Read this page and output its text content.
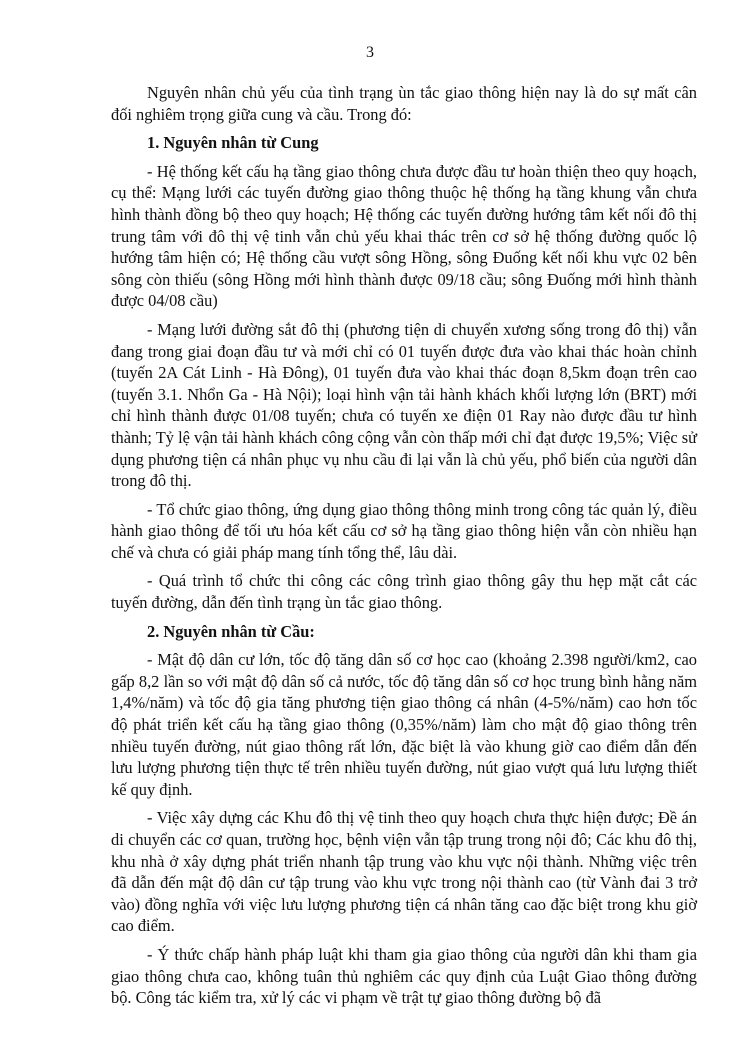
3

Nguyên nhân chủ yếu của tình trạng ùn tắc giao thông hiện nay là do sự mất cân đối nghiêm trọng giữa cung và cầu. Trong đó:

1. Nguyên nhân từ Cung

- Hệ thống kết cấu hạ tầng giao thông chưa được đầu tư hoàn thiện theo quy hoạch, cụ thể: Mạng lưới các tuyến đường giao thông thuộc hệ thống hạ tầng khung vẫn chưa hình thành đồng bộ theo quy hoạch; Hệ thống các tuyến đường hướng tâm kết nối đô thị trung tâm với đô thị vệ tinh vẫn chủ yếu khai thác trên cơ sở hệ thống đường quốc lộ hướng tâm hiện có; Hệ thống cầu vượt sông Hồng, sông Đuống kết nối khu vực 02 bên sông còn thiếu (sông Hồng mới hình thành được 09/18 cầu; sông Đuống mới hình thành được 04/08 cầu)

- Mạng lưới đường sắt đô thị (phương tiện di chuyển xương sống trong đô thị) vẫn đang trong giai đoạn đầu tư và mới chỉ có 01 tuyến được đưa vào khai thác hoàn chỉnh (tuyến 2A Cát Linh - Hà Đông), 01 tuyến đưa vào khai thác đoạn 8,5km đoạn trên cao (tuyến 3.1. Nhổn Ga - Hà Nội); loại hình vận tải hành khách khối lượng lớn (BRT) mới chỉ hình thành được 01/08 tuyến; chưa có tuyến xe điện 01 Ray nào được đầu tư hình thành; Tỷ lệ vận tải hành khách công cộng vẫn còn thấp mới chỉ đạt được 19,5%; Việc sử dụng phương tiện cá nhân phục vụ nhu cầu đi lại vẫn là chủ yếu, phổ biến của người dân trong đô thị.

- Tổ chức giao thông, ứng dụng giao thông thông minh trong công tác quản lý, điều hành giao thông để tối ưu hóa kết cấu cơ sở hạ tầng giao thông hiện vẫn còn nhiều hạn chế và chưa có giải pháp mang tính tổng thể, lâu dài.

- Quá trình tổ chức thi công các công trình giao thông gây thu hẹp mặt cắt các tuyến đường, dẫn đến tình trạng ùn tắc giao thông.

2. Nguyên nhân từ Cầu:

- Mật độ dân cư lớn, tốc độ tăng dân số cơ học cao (khoảng 2.398 người/km2, cao gấp 8,2 lần so với mật độ dân số cả nước, tốc độ tăng dân số cơ học trung bình hằng năm 1,4%/năm) và tốc độ gia tăng phương tiện giao thông cá nhân (4-5%/năm) cao hơn tốc độ phát triển kết cấu hạ tầng giao thông (0,35%/năm) làm cho mật độ giao thông trên nhiều tuyến đường, nút giao thông rất lớn, đặc biệt là vào khung giờ cao điểm dẫn đến lưu lượng phương tiện thực tế trên nhiều tuyến đường, nút giao vượt quá lưu lượng thiết kế quy định.

- Việc xây dựng các Khu đô thị vệ tinh theo quy hoạch chưa thực hiện được; Đề án di chuyển các cơ quan, trường học, bệnh viện vẫn tập trung trong nội đô; Các khu đô thị, khu nhà ở xây dựng phát triển nhanh tập trung vào khu vực nội thành. Những việc trên đã dẫn đến mật độ dân cư tập trung vào khu vực trong nội thành cao (từ Vành đai 3 trở vào) đồng nghĩa với việc lưu lượng phương tiện cá nhân tăng cao đặc biệt trong khu giờ cao điểm.

- Ý thức chấp hành pháp luật khi tham gia giao thông của người dân khi tham gia giao thông chưa cao, không tuân thủ nghiêm các quy định của Luật Giao thông đường bộ. Công tác kiểm tra, xử lý các vi phạm về trật tự giao thông đường bộ đã
